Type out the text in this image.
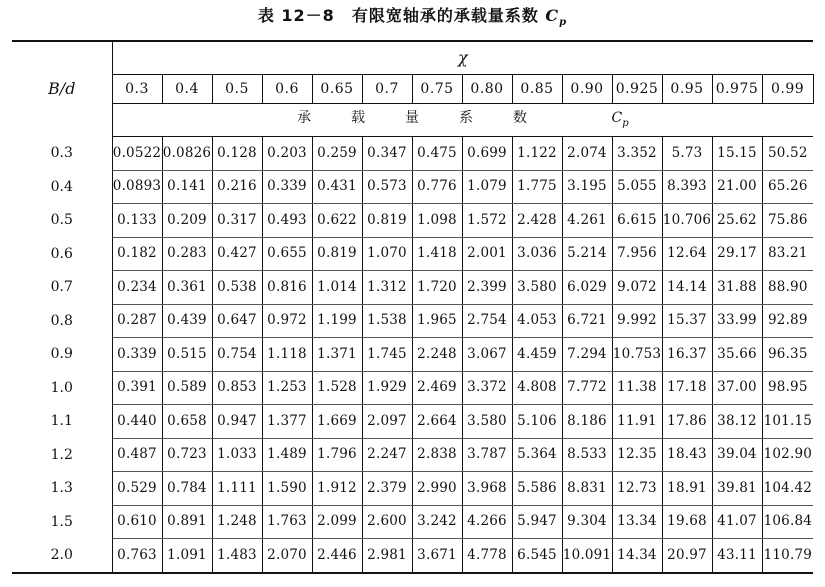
表 12－8　有限宽轴承的承载量系数 $C_p$
B/d	χ													
	0.3	0.4	0.5	0.6	0.65	0.7	0.75	0.80	0.85	0.90	0.925	0.95	0.975	0.99
	承载量系数 $C_p$
0.3	0.0522	0.0826	0.128	0.203	0.259	0.347	0.475	0.699	1.122	2.074	3.352	5.73	15.15	50.52
0.4	0.0893	0.141	0.216	0.339	0.431	0.573	0.776	1.079	1.775	3.195	5.055	8.393	21.00	65.26
0.5	0.133	0.209	0.317	0.493	0.622	0.819	1.098	1.572	2.428	4.261	6.615	10.706	25.62	75.86
0.6	0.182	0.283	0.427	0.655	0.819	1.070	1.418	2.001	3.036	5.214	7.956	12.64	29.17	83.21
0.7	0.234	0.361	0.538	0.816	1.014	1.312	1.720	2.399	3.580	6.029	9.072	14.14	31.88	88.90
0.8	0.287	0.439	0.647	0.972	1.199	1.538	1.965	2.754	4.053	6.721	9.992	15.37	33.99	92.89
0.9	0.339	0.515	0.754	1.118	1.371	1.745	2.248	3.067	4.459	7.294	10.753	16.37	35.66	96.35
1.0	0.391	0.589	0.853	1.253	1.528	1.929	2.469	3.372	4.808	7.772	11.38	17.18	37.00	98.95
1.1	0.440	0.658	0.947	1.377	1.669	2.097	2.664	3.580	5.106	8.186	11.91	17.86	38.12	101.15
1.2	0.487	0.723	1.033	1.489	1.796	2.247	2.838	3.787	5.364	8.533	12.35	18.43	39.04	102.90
1.3	0.529	0.784	1.111	1.590	1.912	2.379	2.990	3.968	5.586	8.831	12.73	18.91	39.81	104.42
1.5	0.610	0.891	1.248	1.763	2.099	2.600	3.242	4.266	5.947	9.304	13.34	19.68	41.07	106.84
2.0	0.763	1.091	1.483	2.070	2.446	2.981	3.671	4.778	6.545	10.091	14.34	20.97	43.11	110.79
